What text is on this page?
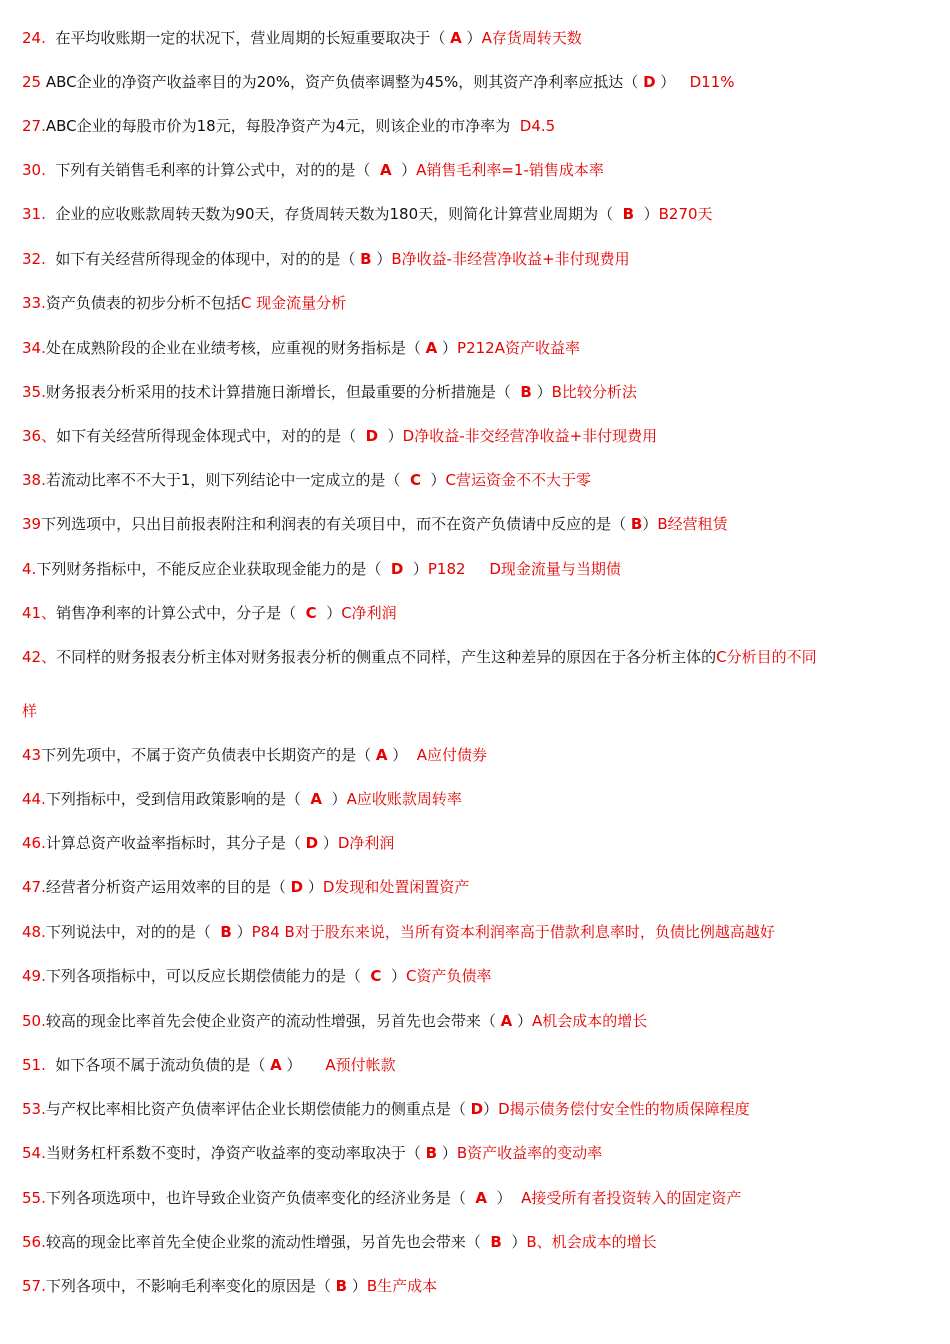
24.  在平均收账期一定的状况下，营业周期的长短重要取决于（ A ）A存货周转天数
25 ABC企业的净资产收益率目的为20%，资产负债率调整为45%，则其资产净利率应抵达（ D ）   D11%
27.ABC企业的每股市价为18元，每股净资产为4元，则该企业的市净率为  D4.5
30.  下列有关销售毛利率的计算公式中，对的的是（  A  ）A销售毛利率=1-销售成本率
31.  企业的应收账款周转天数为90天，存货周转天数为180天，则简化计算营业周期为（  B  ）B270天
32.  如下有关经营所得现金的体现中，对的的是（ B ）B净收益-非经营净收益+非付现费用
33.资产负债表的初步分析不包括C 现金流量分析
34.处在成熟阶段的企业在业绩考核，应重视的财务指标是（ A ）P212A资产收益率
35.财务报表分析采用的技术计算措施日渐增长，但最重要的分析措施是（  B ）B比较分析法
36、如下有关经营所得现金体现式中，对的的是（  D  ）D净收益-非交经营净收益+非付现费用
38.若流动比率不不大于1，则下列结论中一定成立的是（  C  ）C营运资金不不大于零
39下列选项中，只出目前报表附注和利润表的有关项目中，而不在资产负债请中反应的是（ B）B经营租赁
4.下列财务指标中，不能反应企业获取现金能力的是（  D  ）P182     D现金流量与当期债
41、销售净利率的计算公式中，分子是（  C  ）C净利润
42、不同样的财务报表分析主体对财务报表分析的侧重点不同样，产生这种差异的原因在于各分析主体的C分析目的不同
样
43下列先项中，不属于资产负债表中长期资产的是（ A ）  A应付债券
44.下列指标中，受到信用政策影响的是（  A  ）A应收账款周转率
46.计算总资产收益率指标时，其分子是（ D ）D净利润
47.经营者分析资产运用效率的目的是（ D ）D发现和处置闲置资产
48.下列说法中，对的的是（  B ）P84 B对于股东来说，当所有资本利润率高于借款利息率时，负债比例越高越好
49.下列各项指标中，可以反应长期偿债能力的是（  C  ）C资产负债率
50.较高的现金比率首先会使企业资产的流动性增强，另首先也会带来（ A ）A机会成本的增长
51.  如下各项不属于流动负债的是（ A ）     A预付帐款
53.与产权比率相比资产负债率评估企业长期偿债能力的侧重点是（ D）D揭示债务偿付安全性的物质保障程度
54.当财务杠杆系数不变时，净资产收益率的变动率取决于（ B ）B资产收益率的变动率
55.下列各项选项中，也许导致企业资产负债率变化的经济业务是（  A  ）  A接受所有者投资转入的固定资产
56.较高的现金比率首先全使企业浆的流动性增强，另首先也会带来（  B  ）B、机会成本的增长
57.下列各项中，不影响毛利率变化的原因是（ B ）B生产成本
